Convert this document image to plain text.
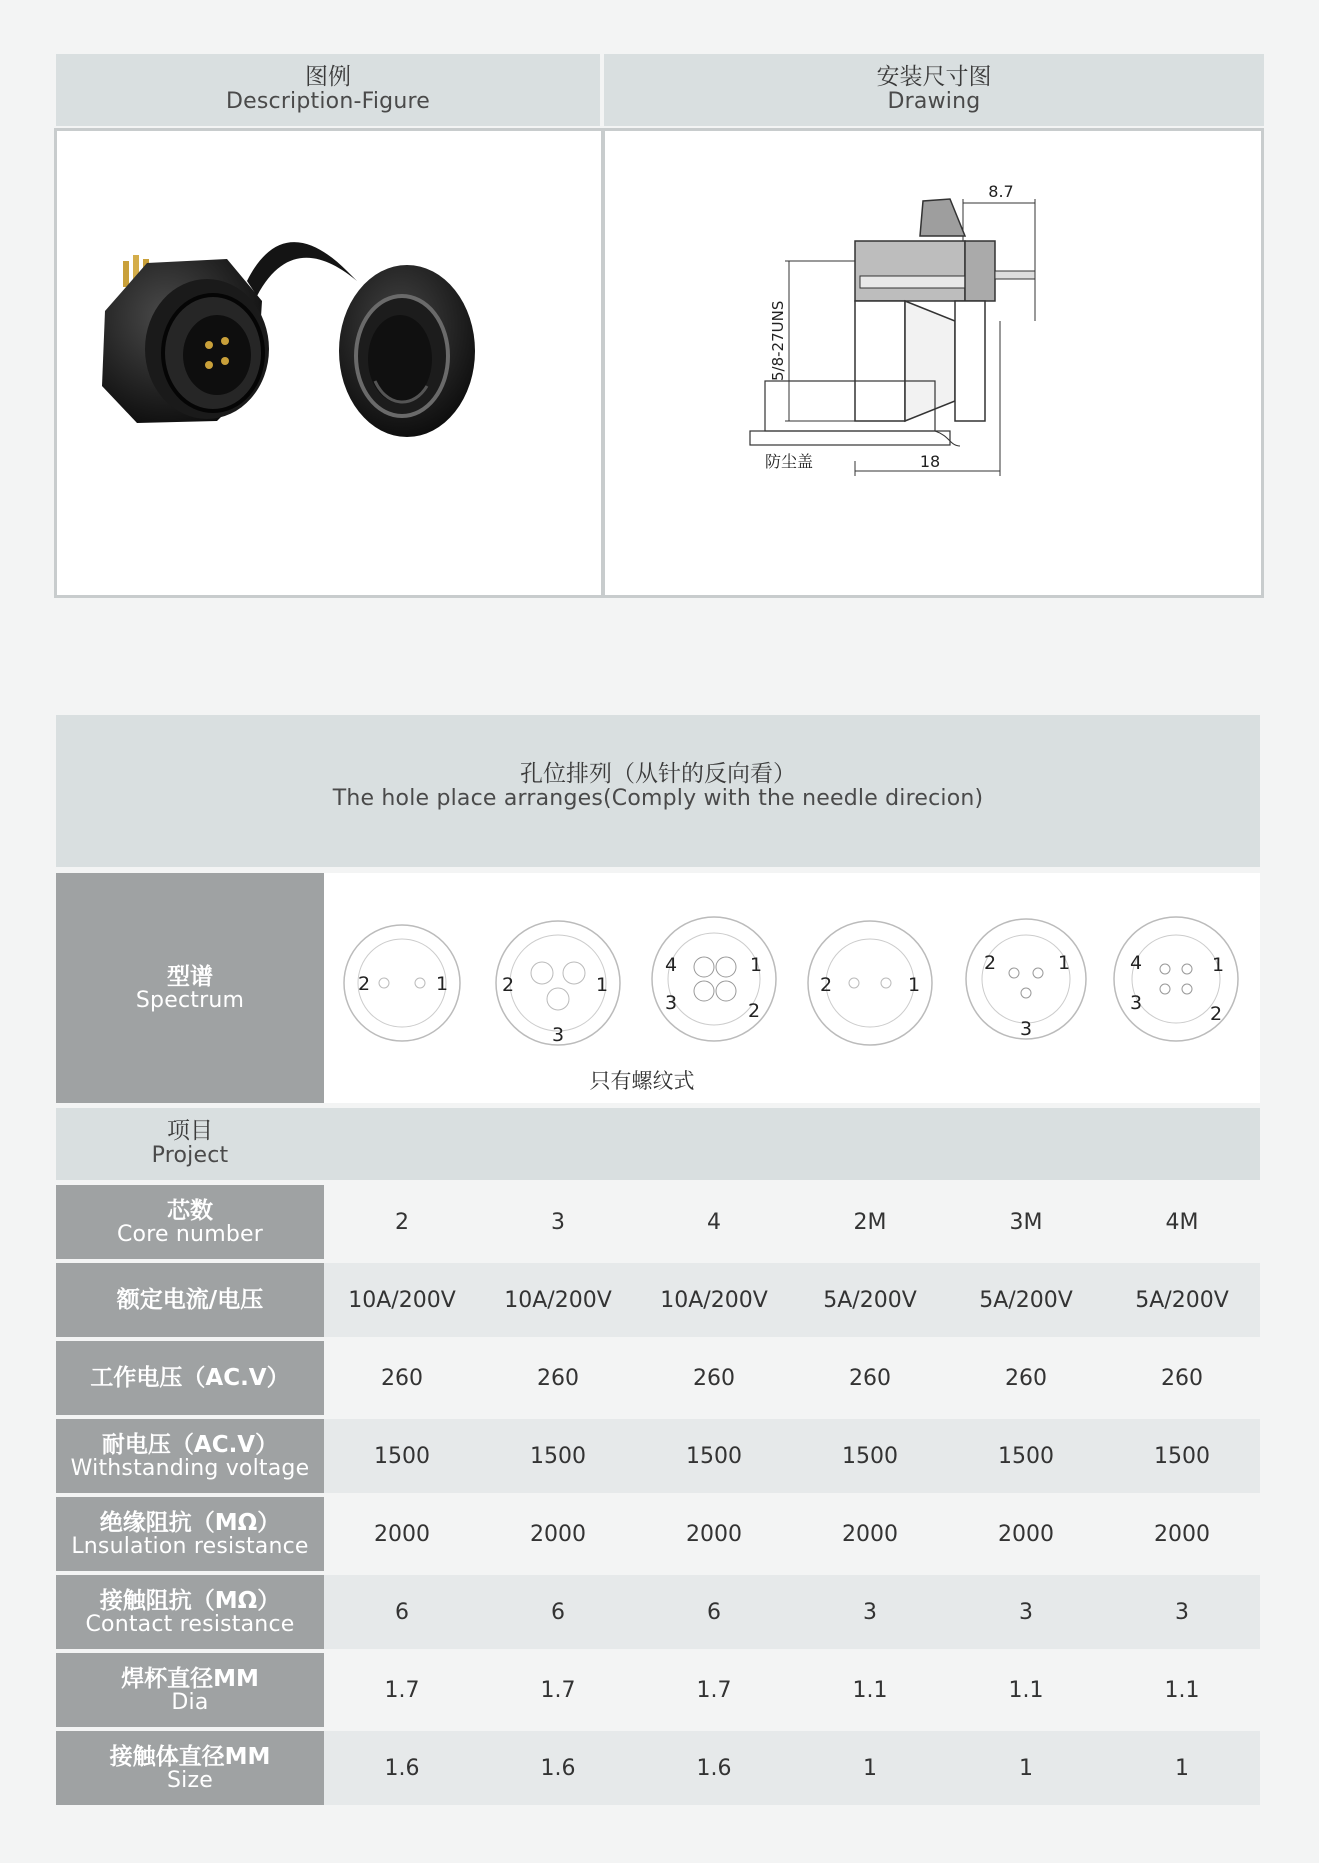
图例
Description-Figure
安装尺寸图
Drawing
8.7
5/8-27UNS
18
防尘盖
孔位排列（从针的反向看）
The hole place arranges(Comply with the needle direcion)
型谱
Spectrum
2	1	2	1
3
4	1
3	2
2	1
2	1
3
4	1
3	2
只有螺纹式
项目
Project
芯数
Core number	2	3	4	2M	3M	4M
额定电流/电压	10A/200V	10A/200V	10A/200V	5A/200V	5A/200V	5A/200V
工作电压（AC.V）	260	260	260	260	260	260
耐电压（AC.V）
Withstanding voltage	1500	1500	1500	1500	1500	1500
绝缘阻抗（MΩ）
Lnsulation resistance	2000	2000	2000	2000	2000	2000
接触阻抗（MΩ）
Contact resistance	6	6	6	3	3	3
焊杯直径MM
Dia	1.7	1.7	1.7	1.1	1.1	1.1
接触体直径MM
Size	1.6	1.6	1.6	1	1	1
